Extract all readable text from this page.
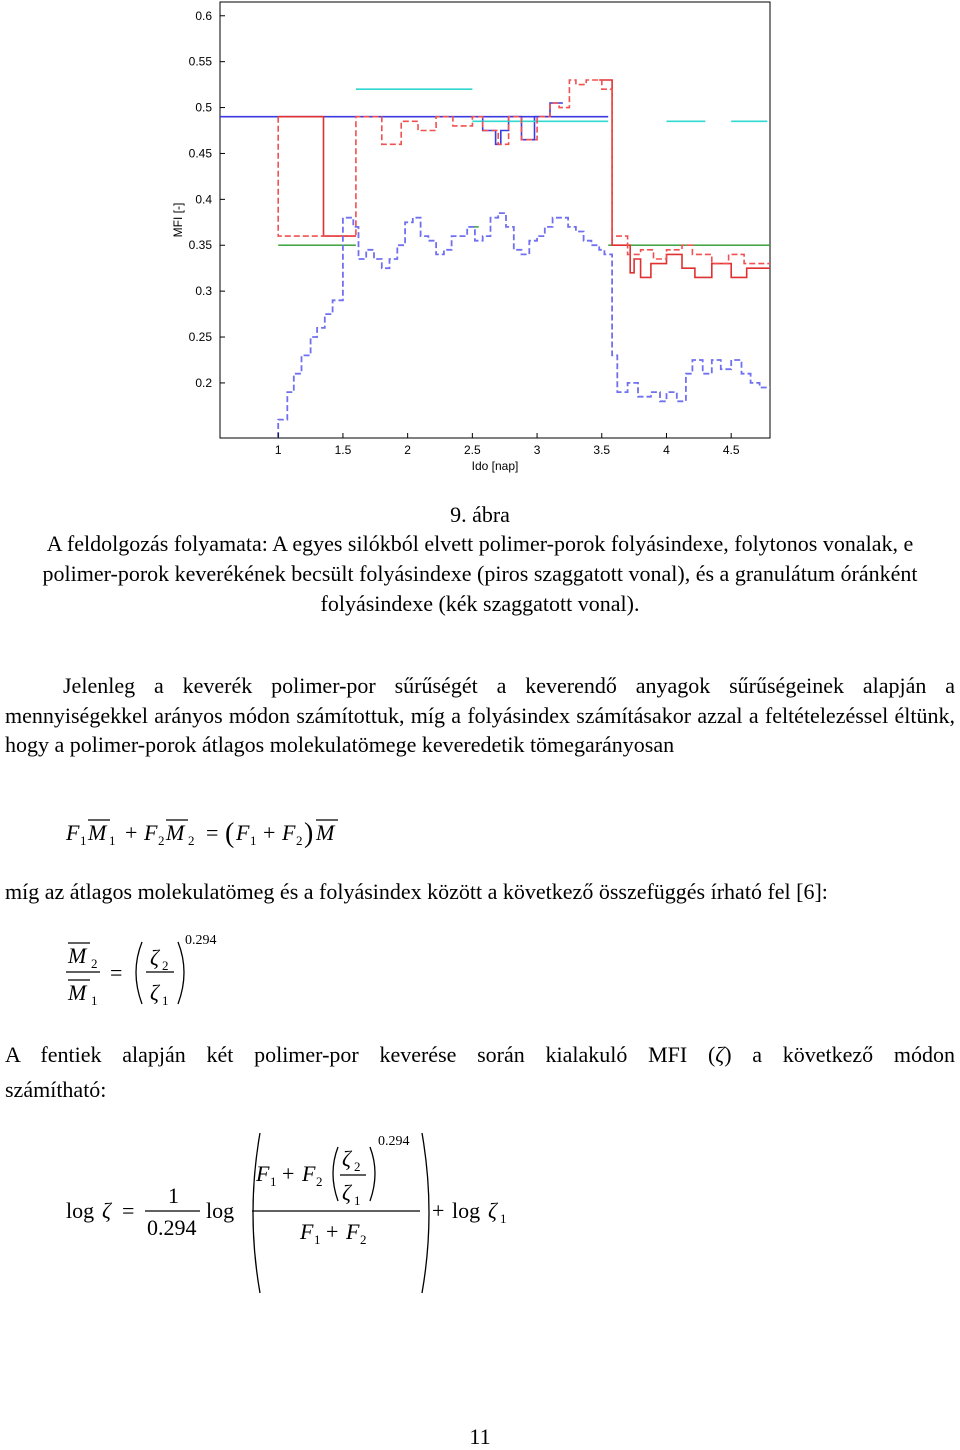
1	1.5	2	2.5	3	3.5	4	4.5
0.2
0.25
0.3
0.35
0.4
0.45
0.5
0.55
0.6
Ido [nap]
MFI [-]
9. ábra
A feldolgozás folyamata: A egyes silókból elvett polimer-porok folyásindexe, folytonos vonalak, e polimer-porok keverékének becsült folyásindexe (piros szaggatott vonal), és a granulátum óránként folyásindexe (kék szaggatott vonal).
Jelenleg a keverék polimer-por sűrűségét a keverendő anyagok sűrűségeinek alapján a mennyiségekkel arányos módon számítottuk, míg a folyásindex számításakor azzal a feltételezéssel éltünk, hogy a polimer-porok átlagos molekulatömege keveredetik tömegarányosan
F 1 M 1 + F 2 M 2 = ( F 1 + F 2 ) M
míg az átlagos molekulatömeg és a folyásindex között a következő összefüggés írható fel [6]:
M 2
M 1
=
ζ 2
ζ 1
0.294
A fentiek alapján két polimer-por keverése során kialakuló MFI (ζ) a következő módon
számítható:
log ζ =
1
0.294
log
F 1 + F 2
ζ 2
ζ 1
0.294
F 1 + F 2
+ log ζ 1
11
